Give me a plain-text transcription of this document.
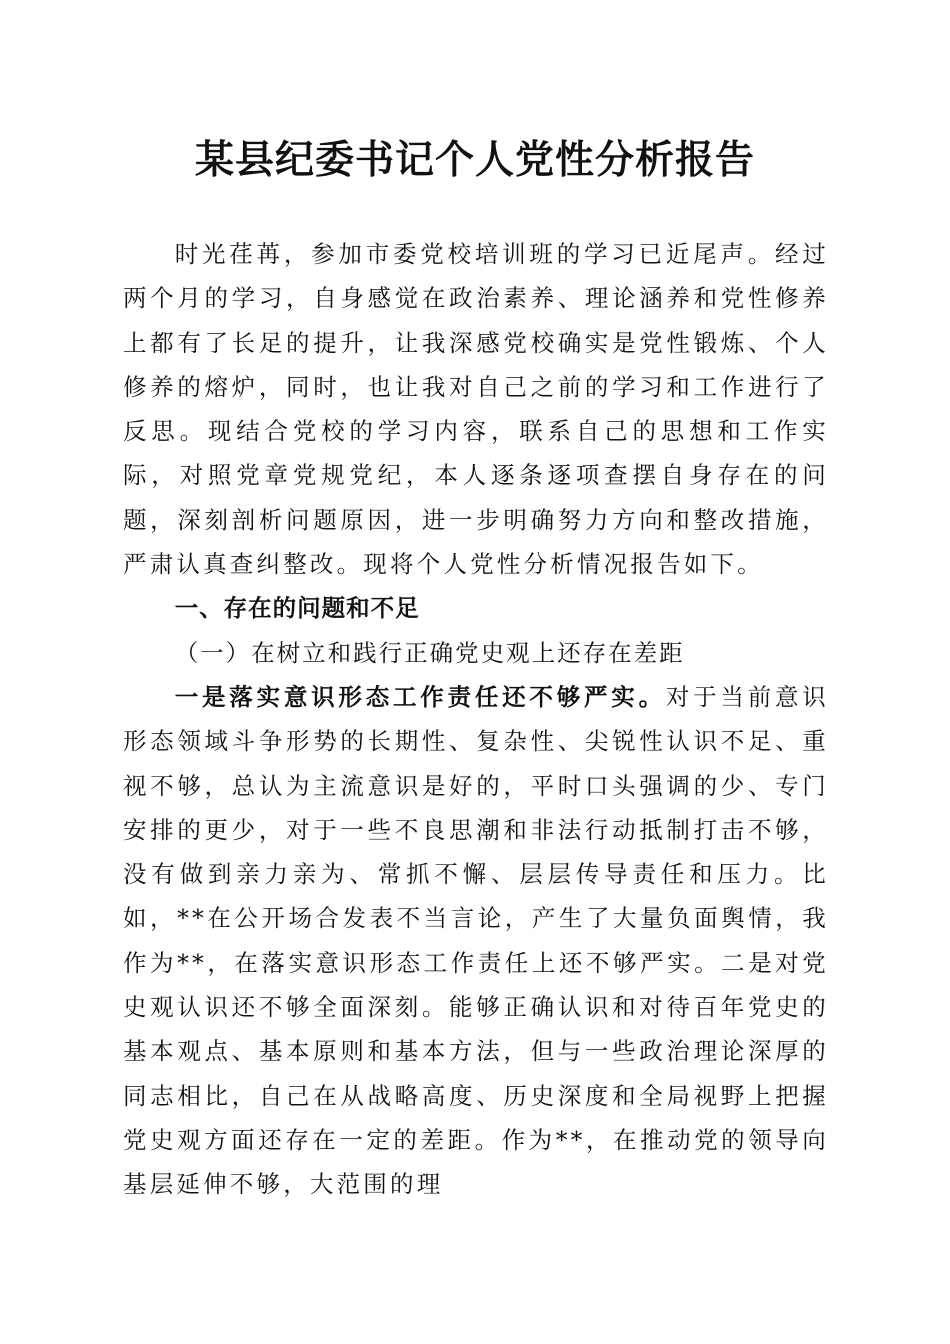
某县纪委书记个人党性分析报告

时光荏苒，参加市委党校培训班的学习已近尾声。经过两个月的学习，自身感觉在政治素养、理论涵养和党性修养上都有了长足的提升，让我深感党校确实是党性锻炼、个人修养的熔炉，同时，也让我对自己之前的学习和工作进行了反思。现结合党校的学习内容，联系自己的思想和工作实际，对照党章党规党纪，本人逐条逐项查摆自身存在的问题，深刻剖析问题原因，进一步明确努力方向和整改措施，严肃认真查纠整改。现将个人党性分析情况报告如下。

一、存在的问题和不足

（一）在树立和践行正确党史观上还存在差距

一是落实意识形态工作责任还不够严实。对于当前意识形态领域斗争形势的长期性、复杂性、尖锐性认识不足、重视不够，总认为主流意识是好的，平时口头强调的少、专门安排的更少，对于一些不良思潮和非法行动抵制打击不够，没有做到亲力亲为、常抓不懈、层层传导责任和压力。比如，**在公开场合发表不当言论，产生了大量负面舆情，我作为**，在落实意识形态工作责任上还不够严实。二是对党史观认识还不够全面深刻。能够正确认识和对待百年党史的基本观点、基本原则和基本方法，但与一些政治理论深厚的同志相比，自己在从战略高度、历史深度和全局视野上把握党史观方面还存在一定的差距。作为**，在推动党的领导向基层延伸不够，大范围的理
